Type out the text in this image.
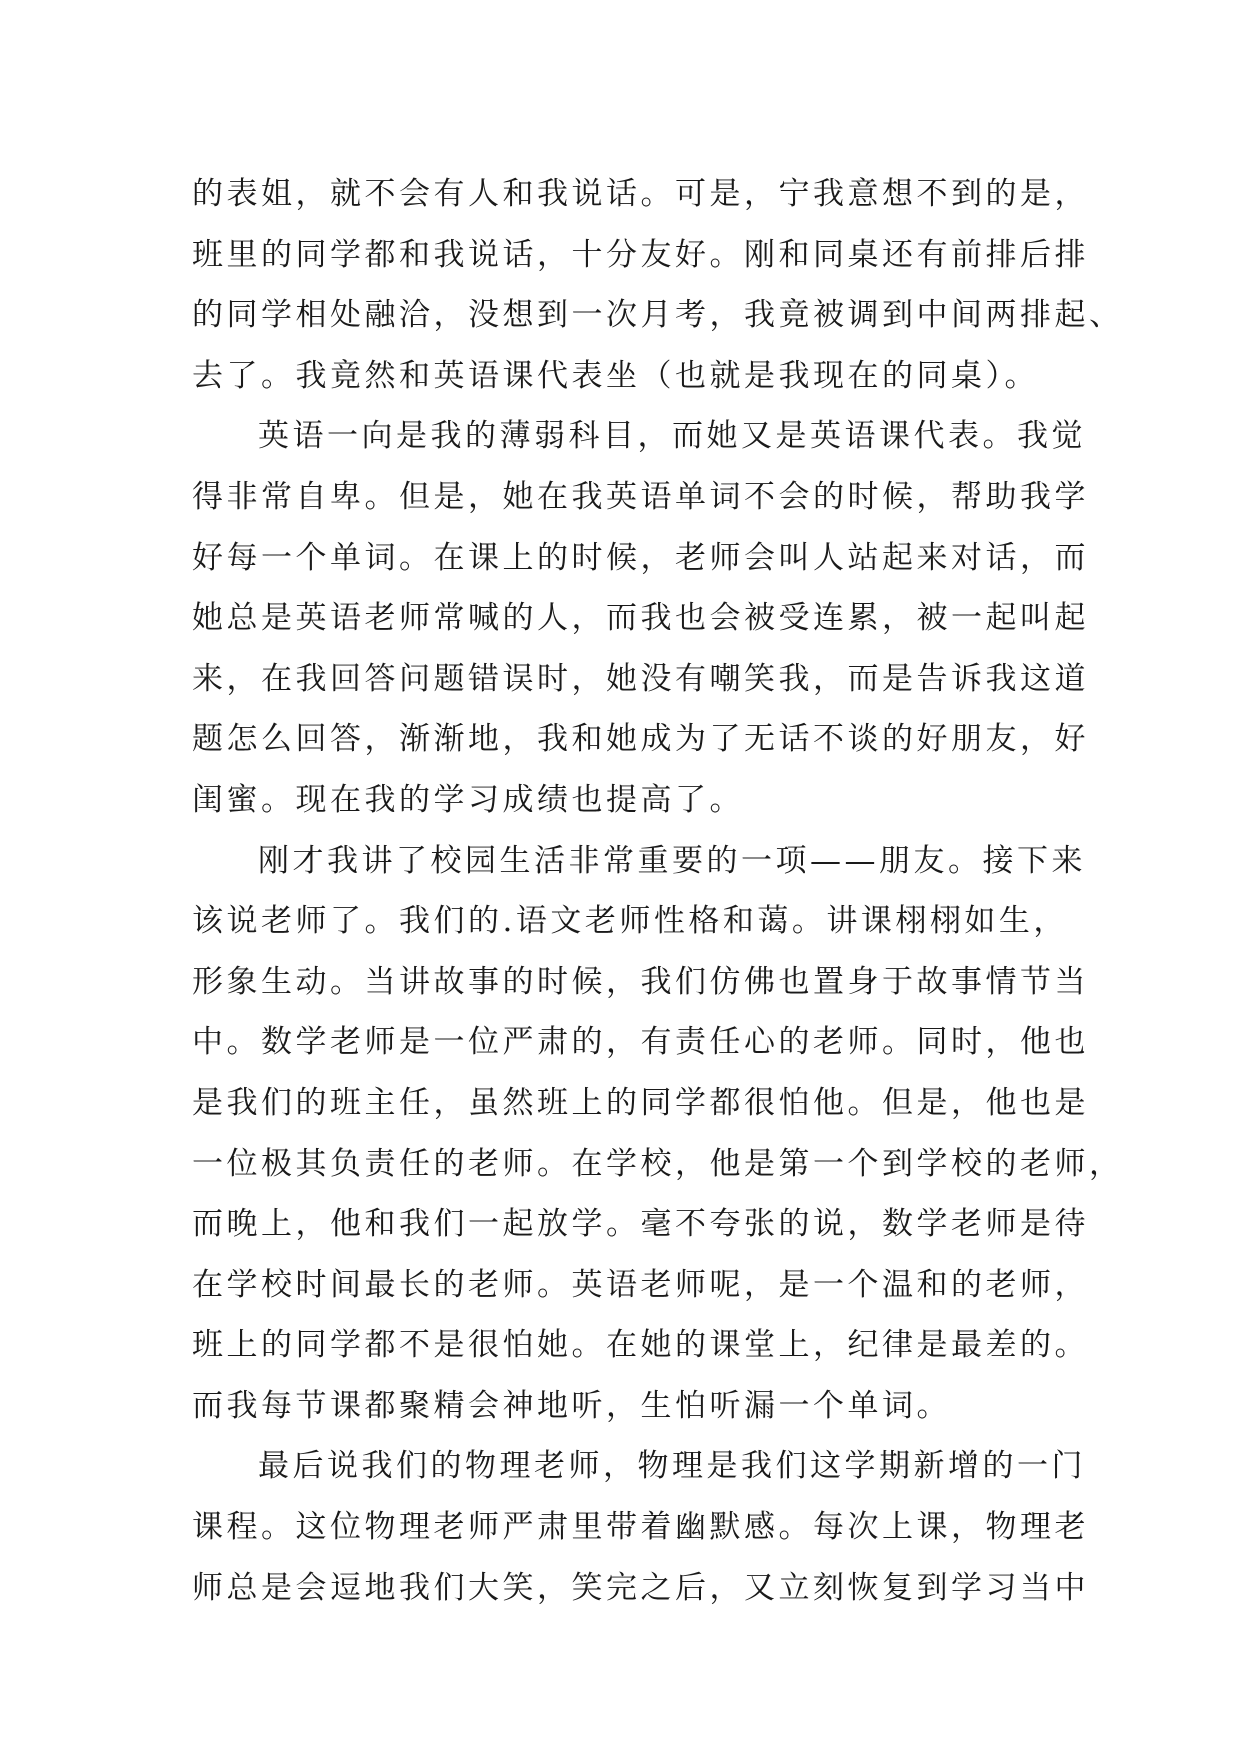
的表姐，就不会有人和我说话。可是，宁我意想不到的是，
班里的同学都和我说话，十分友好。刚和同桌还有前排后排
的同学相处融洽，没想到一次月考，我竟被调到中间两排起、
去了。我竟然和英语课代表坐（也就是我现在的同桌）。
英语一向是我的薄弱科目，而她又是英语课代表。我觉
得非常自卑。但是，她在我英语单词不会的时候，帮助我学
好每一个单词。在课上的时候，老师会叫人站起来对话，而
她总是英语老师常喊的人，而我也会被受连累，被一起叫起
来，在我回答问题错误时，她没有嘲笑我，而是告诉我这道
题怎么回答，渐渐地，我和她成为了无话不谈的好朋友，好
闺蜜。现在我的学习成绩也提高了。
刚才我讲了校园生活非常重要的一项——朋友。接下来
该说老师了。我们的.语文老师性格和蔼。讲课栩栩如生，
形象生动。当讲故事的时候，我们仿佛也置身于故事情节当
中。数学老师是一位严肃的，有责任心的老师。同时，他也
是我们的班主任，虽然班上的同学都很怕他。但是，他也是
一位极其负责任的老师。在学校，他是第一个到学校的老师，
而晚上，他和我们一起放学。毫不夸张的说，数学老师是待
在学校时间最长的老师。英语老师呢，是一个温和的老师，
班上的同学都不是很怕她。在她的课堂上，纪律是最差的。
而我每节课都聚精会神地听，生怕听漏一个单词。
最后说我们的物理老师，物理是我们这学期新增的一门
课程。这位物理老师严肃里带着幽默感。每次上课，物理老
师总是会逗地我们大笑，笑完之后，又立刻恢复到学习当中
